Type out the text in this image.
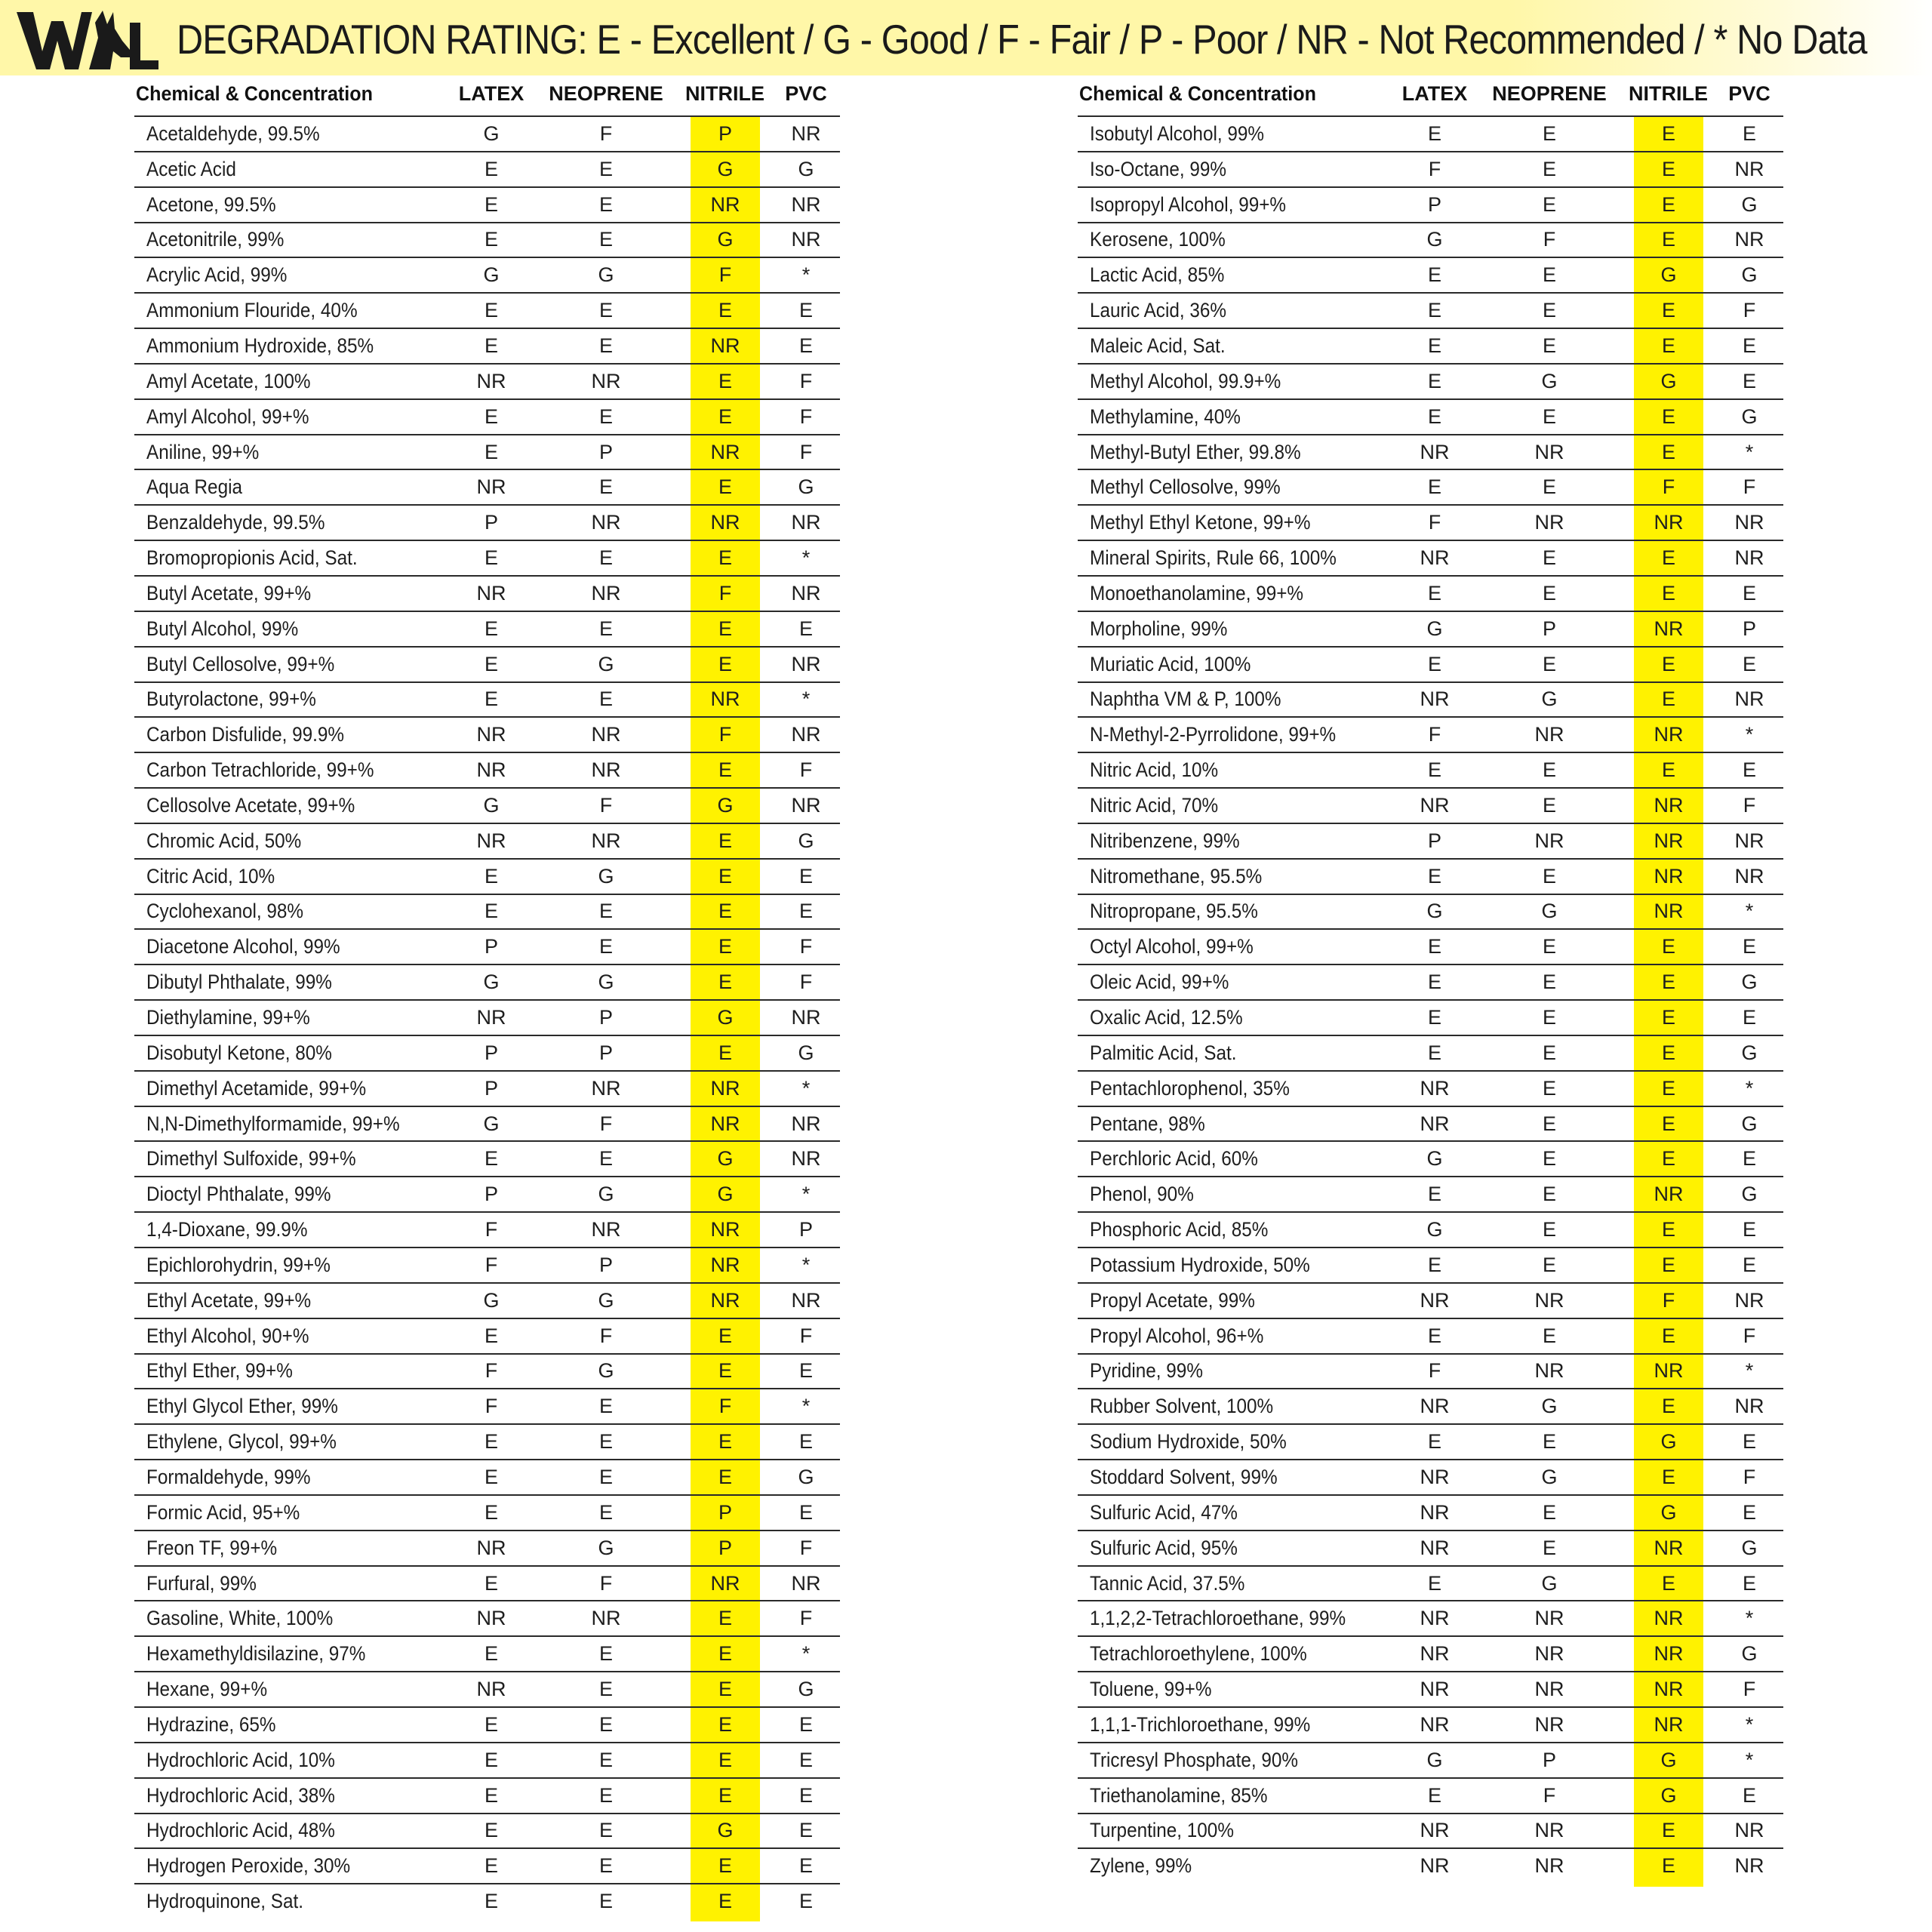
DEGRADATION RATING: E - Excellent / G - Good / F - Fair / P - Poor / NR - Not Recommended / * No Data
Chemical & Concentration	LATEX	NEOPRENE	NITRILE	PVC
Acetaldehyde, 99.5%	G	F	P	NR
Acetic Acid	E	E	G	G
Acetone, 99.5%	E	E	NR	NR
Acetonitrile, 99%	E	E	G	NR
Acrylic Acid, 99%	G	G	F	*
Ammonium Flouride, 40%	E	E	E	E
Ammonium Hydroxide, 85%	E	E	NR	E
Amyl Acetate, 100%	NR	NR	E	F
Amyl Alcohol, 99+%	E	E	E	F
Aniline, 99+%	E	P	NR	F
Aqua Regia	NR	E	E	G
Benzaldehyde, 99.5%	P	NR	NR	NR
Bromopropionis Acid, Sat.	E	E	E	*
Butyl Acetate, 99+%	NR	NR	F	NR
Butyl Alcohol, 99%	E	E	E	E
Butyl Cellosolve, 99+%	E	G	E	NR
Butyrolactone, 99+%	E	E	NR	*
Carbon Disfulide, 99.9%	NR	NR	F	NR
Carbon Tetrachloride, 99+%	NR	NR	E	F
Cellosolve Acetate, 99+%	G	F	G	NR
Chromic Acid, 50%	NR	NR	E	G
Citric Acid, 10%	E	G	E	E
Cyclohexanol, 98%	E	E	E	E
Diacetone Alcohol, 99%	P	E	E	F
Dibutyl Phthalate, 99%	G	G	E	F
Diethylamine, 99+%	NR	P	G	NR
Disobutyl Ketone, 80%	P	P	E	G
Dimethyl Acetamide, 99+%	P	NR	NR	*
N,N-Dimethylformamide, 99+%	G	F	NR	NR
Dimethyl Sulfoxide, 99+%	E	E	G	NR
Dioctyl Phthalate, 99%	P	G	G	*
1,4-Dioxane, 99.9%	F	NR	NR	P
Epichlorohydrin, 99+%	F	P	NR	*
Ethyl Acetate, 99+%	G	G	NR	NR
Ethyl Alcohol, 90+%	E	F	E	F
Ethyl Ether, 99+%	F	G	E	E
Ethyl Glycol Ether, 99%	F	E	F	*
Ethylene, Glycol, 99+%	E	E	E	E
Formaldehyde, 99%	E	E	E	G
Formic Acid, 95+%	E	E	P	E
Freon TF, 99+%	NR	G	P	F
Furfural, 99%	E	F	NR	NR
Gasoline, White, 100%	NR	NR	E	F
Hexamethyldisilazine, 97%	E	E	E	*
Hexane, 99+%	NR	E	E	G
Hydrazine, 65%	E	E	E	E
Hydrochloric Acid, 10%	E	E	E	E
Hydrochloric Acid, 38%	E	E	E	E
Hydrochloric Acid, 48%	E	E	G	E
Hydrogen Peroxide, 30%	E	E	E	E
Hydroquinone, Sat.	E	E	E	E
Chemical & Concentration	LATEX	NEOPRENE	NITRILE	PVC
Isobutyl Alcohol, 99%	E	E	E	E
Iso-Octane, 99%	F	E	E	NR
Isopropyl Alcohol, 99+%	P	E	E	G
Kerosene, 100%	G	F	E	NR
Lactic Acid, 85%	E	E	G	G
Lauric Acid, 36%	E	E	E	F
Maleic Acid, Sat.	E	E	E	E
Methyl Alcohol, 99.9+%	E	G	G	E
Methylamine, 40%	E	E	E	G
Methyl-Butyl Ether, 99.8%	NR	NR	E	*
Methyl Cellosolve, 99%	E	E	F	F
Methyl Ethyl Ketone, 99+%	F	NR	NR	NR
Mineral Spirits, Rule 66, 100%	NR	E	E	NR
Monoethanolamine, 99+%	E	E	E	E
Morpholine, 99%	G	P	NR	P
Muriatic Acid, 100%	E	E	E	E
Naphtha VM & P, 100%	NR	G	E	NR
N-Methyl-2-Pyrrolidone, 99+%	F	NR	NR	*
Nitric Acid, 10%	E	E	E	E
Nitric Acid, 70%	NR	E	NR	F
Nitribenzene, 99%	P	NR	NR	NR
Nitromethane, 95.5%	E	E	NR	NR
Nitropropane, 95.5%	G	G	NR	*
Octyl Alcohol, 99+%	E	E	E	E
Oleic Acid, 99+%	E	E	E	G
Oxalic Acid, 12.5%	E	E	E	E
Palmitic Acid, Sat.	E	E	E	G
Pentachlorophenol, 35%	NR	E	E	*
Pentane, 98%	NR	E	E	G
Perchloric Acid, 60%	G	E	E	E
Phenol, 90%	E	E	NR	G
Phosphoric Acid, 85%	G	E	E	E
Potassium Hydroxide, 50%	E	E	E	E
Propyl Acetate, 99%	NR	NR	F	NR
Propyl Alcohol, 96+%	E	E	E	F
Pyridine, 99%	F	NR	NR	*
Rubber Solvent, 100%	NR	G	E	NR
Sodium Hydroxide, 50%	E	E	G	E
Stoddard Solvent, 99%	NR	G	E	F
Sulfuric Acid, 47%	NR	E	G	E
Sulfuric Acid, 95%	NR	E	NR	G
Tannic Acid, 37.5%	E	G	E	E
1,1,2,2-Tetrachloroethane, 99%	NR	NR	NR	*
Tetrachloroethylene, 100%	NR	NR	NR	G
Toluene, 99+%	NR	NR	NR	F
1,1,1-Trichloroethane, 99%	NR	NR	NR	*
Tricresyl Phosphate, 90%	G	P	G	*
Triethanolamine, 85%	E	F	G	E
Turpentine, 100%	NR	NR	E	NR
Zylene, 99%	NR	NR	E	NR
